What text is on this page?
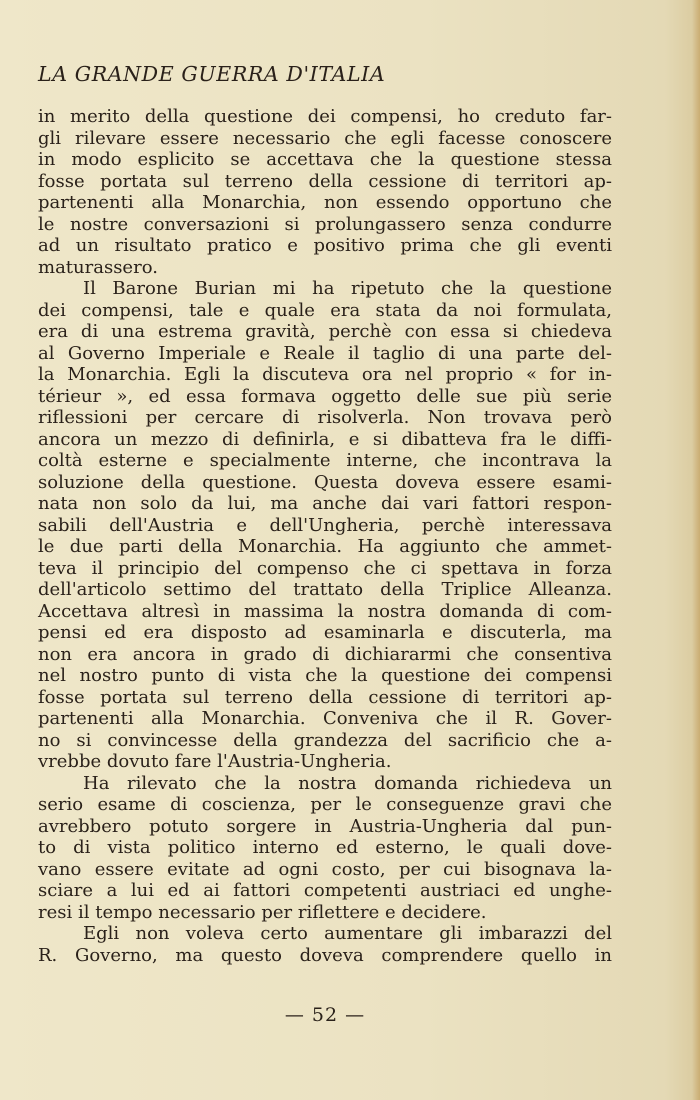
LA GRANDE GUERRA D'ITALIA
in merito della questione dei compensi, ho creduto far-
gli rilevare essere necessario che egli facesse conoscere
in modo esplicito se accettava che la questione stessa
fosse portata sul terreno della cessione di territori ap-
partenenti alla Monarchia, non essendo opportuno che
le nostre conversazioni si prolungassero senza condurre
ad un risultato pratico e positivo prima che gli eventi
maturassero.
Il Barone Burian mi ha ripetuto che la questione
dei compensi, tale e quale era stata da noi formulata,
era di una estrema gravità, perchè con essa si chiedeva
al Governo Imperiale e Reale il taglio di una parte del-
la Monarchia. Egli la discuteva ora nel proprio « for in-
térieur », ed essa formava oggetto delle sue più serie
riflessioni per cercare di risolverla. Non trovava però
ancora un mezzo di definirla, e si dibatteva fra le diffi-
coltà esterne e specialmente interne, che incontrava la
soluzione della questione. Questa doveva essere esami-
nata non solo da lui, ma anche dai vari fattori respon-
sabili dell'Austria e dell'Ungheria, perchè interessava
le due parti della Monarchia. Ha aggiunto che ammet-
teva il principio del compenso che ci spettava in forza
dell'articolo settimo del trattato della Triplice Alleanza.
Accettava altresì in massima la nostra domanda di com-
pensi ed era disposto ad esaminarla e discuterla, ma
non era ancora in grado di dichiararmi che consentiva
nel nostro punto di vista che la questione dei compensi
fosse portata sul terreno della cessione di territori ap-
partenenti alla Monarchia. Conveniva che il R. Gover-
no si convincesse della grandezza del sacrificio che a-
vrebbe dovuto fare l'Austria-Ungheria.
Ha rilevato che la nostra domanda richiedeva un
serio esame di coscienza, per le conseguenze gravi che
avrebbero potuto sorgere in Austria-Ungheria dal pun-
to di vista politico interno ed esterno, le quali dove-
vano essere evitate ad ogni costo, per cui bisognava la-
sciare a lui ed ai fattori competenti austriaci ed unghe-
resi il tempo necessario per riflettere e decidere.
Egli non voleva certo aumentare gli imbarazzi del
R. Governo, ma questo doveva comprendere quello in
— 52 —
